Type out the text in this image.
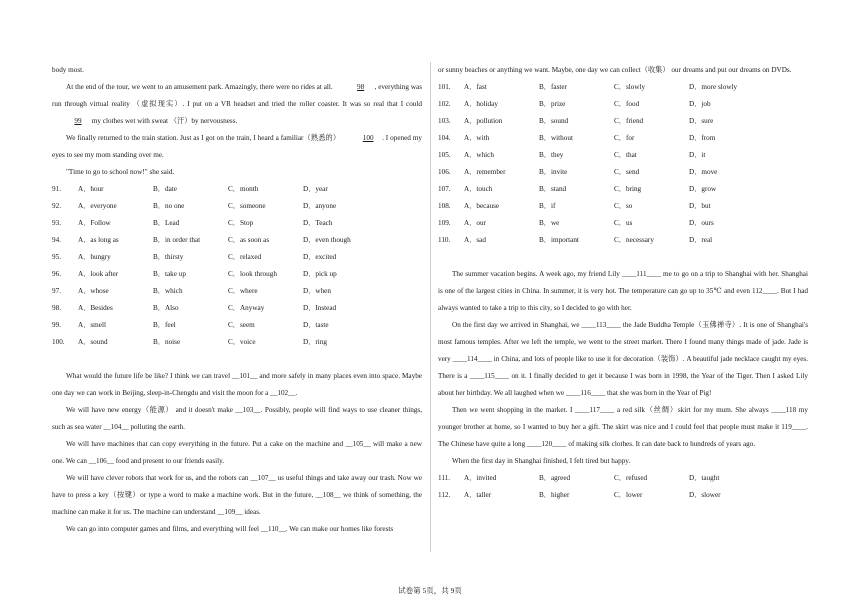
body most.

At the end of the tour, we went to an amusement park. Amazingly, there were no rides at all.	98 , everything was run through virtual reality （虚拟现实）. I put on a VR headset and tried the roller coaster. It was so real that I could 99 my clothes wet with sweat （汗）by nervousness.

We finally returned to the train station. Just as I got on the train, I heard a familiar（熟悉的）	100 . I opened my eyes to see my mom standing over me.

"Time to go to school now!" she said.

91.	A．hour	B．date	C．month	D．year
92.	A．everyone	B．no one	C．someone	D．anyone
93.	A．Follow	B．Lead	C．Stop	D．Teach
94.	A．as long as	B．in order that	C．as soon as	D．even though
95.	A．hungry	B．thirsty	C．relaxed	D．excited
96.	A．look after	B．take up	C．look through	D．pick up
97.	A．whose	B．which	C．where	D．when
98.	A．Besides	B．Also	C．Anyway	D．Instead
99.	A．smell	B．feel	C．seem	D．taste
100.	A．sound	B．noise	C．voice	D．ring

What would the future life be like? I think we can travel __101__ and more safely in many places even into space. Maybe one day we can work in Beijing, sleep-in-Chengdu and visit the moon for a __102__.

We will have new energy（能源） and it doesn't make __103__. Possibly, people will find ways to use cleaner things, such as sea water __104__ polluting the earth.

We will have machines that can copy everything in the future. Put a cake on the machine and __105__ will make a new one. We can __106__ food and present to our friends easily.

We will have clever robots that work for us, and the robots can __107__ us useful things and take away our trash. Now we have to press a key（按键）or type a word to make a machine work. But in the future, __108__ we think of something, the machine can make it for us. The machine can understand __109__ ideas.

We can go into computer games and films, and everything will feel __110__. We can make our homes like forests

or sunny beaches or anything we want. Maybe, one day we can collect（收集） our dreams and put our dreams on DVDs.

101.	A．fast	B．faster	C．slowly	D．more slowly
102.	A．holiday	B．prize	C．food	D．job
103.	A．pollution	B．sound	C．friend	D．sure
104.	A．with	B．without	C．for	D．from
105.	A．which	B．they	C．that	D．it
106.	A．remember	B．invite	C．send	D．move
107.	A．touch	B．stand	C．bring	D．grow
108.	A．because	B．if	C．so	D．but
109.	A．our	B．we	C．us	D．ours
110.	A．sad	B．important	C．necessary	D．real

The summer vacation begins. A week ago, my friend Lily ____111____ me to go on a trip to Shanghai with her. Shanghai is one of the largest cities in China. In summer, it is very hot. The temperature can go up to 35℃ and even 112____. But I had always wanted to take a trip to this city, so I decided to go with her.

On the first day we arrived in Shanghai, we ____113____ the Jade Buddha Temple（玉佛禅寺）. It is one of Shanghai's most famous temples. After we left the temple, we went to the street market. There I found many things made of jade. Jade is very ____114____ in China, and lots of people like to use it for decoration（装饰）. A beautiful jade necklace caught my eyes. There is a ____115____ on it. I finally decided to get it because I was born in 1998, the Year of the Tiger. Then I asked Lily about her birthday. We all laughed when we ____116____ that she was born in the Year of Pig!

Then we went shopping in the market. I ____117____ a red silk（丝绸）skirt for my mum. She always ____118 my younger brother at home, so I wanted to buy her a gift. The skirt was nice and I could feel that people must make it 119____. The Chinese have quite a long ____120____ of making silk clothes. It can date back to hundreds of years ago.

When the first day in Shanghai finished, I felt tired but happy.

111.	A．invited	B．agreed	C．refused	D．taught
112.	A．taller	B．higher	C．lower	D．slower
试卷第 5页，共 9页
